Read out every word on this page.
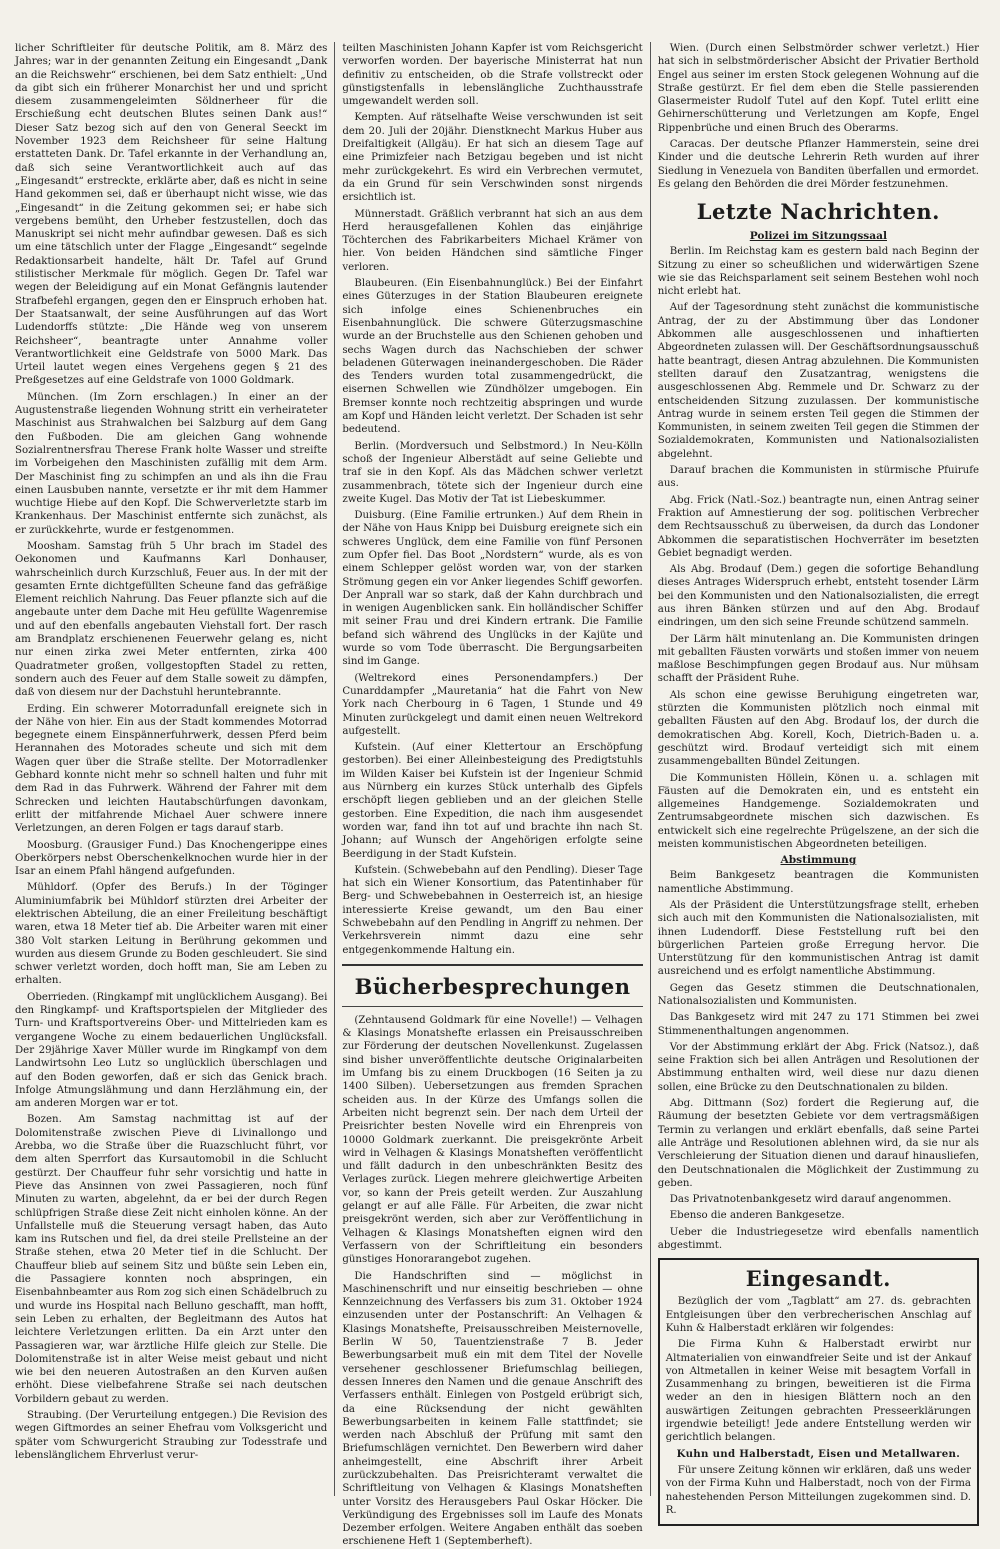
licher Schriftleiter für deutsche Politik, am 8. März des Jahres; war in der genannten Zeitung ein Eingesandt „Dank an die Reichswehr“ erschienen, bei dem Satz enthielt: „Und da gibt sich ein früherer Monarchist her und und spricht diesem zusammengeleimten Söldnerheer für die Erschießung echt deutschen Blutes seinen Dank aus!“ Dieser Satz bezog sich auf den von General Seeckt im November 1923 dem Reichsheer für seine Haltung erstatteten Dank. Dr. Tafel erkannte in der Verhandlung an, daß sich seine Verantwortlichkeit auch auf das „Eingesandt“ erstreckte, erklärte aber, daß es nicht in seine Hand gekommen sei, daß er überhaupt nicht wisse, wie das „Eingesandt“ in die Zeitung gekommen sei; er habe sich vergebens bemüht, den Urheber festzustellen, doch das Manuskript sei nicht mehr aufindbar gewesen. Daß es sich um eine tätschlich unter der Flagge „Eingesandt“ segelnde Redaktionsarbeit handelte, hält Dr. Tafel auf Grund stilistischer Merkmale für möglich. Gegen Dr. Tafel war wegen der Beleidigung auf ein Monat Gefängnis lautender Strafbefehl ergangen, gegen den er Einspruch erhoben hat. Der Staatsanwalt, der seine Ausführungen auf das Wort Ludendorffs stützte: „Die Hände weg von unserem Reichsheer“, beantragte unter Annahme voller Verantwortlichkeit eine Geldstrafe von 5000 Mark. Das Urteil lautet wegen eines Vergehens gegen § 21 des Preßgesetzes auf eine Geldstrafe von 1000 Goldmark.

München. (Im Zorn erschlagen.) In einer an der Augustenstraße liegenden Wohnung stritt ein verheirateter Maschinist aus Strahwalchen bei Salzburg auf dem Gang den Fußboden. Die am gleichen Gang wohnende Sozialrentnersfrau Therese Frank holte Wasser und streifte im Vorbeigehen den Maschinisten zufällig mit dem Arm. Der Maschinist fing zu schimpfen an und als ihn die Frau einen Lausbuben nannte, versetzte er ihr mit dem Hammer wuchtige Hiebe auf den Kopf. Die Schwerverletzte starb im Krankenhaus. Der Maschinist entfernte sich zunächst, als er zurückkehrte, wurde er festgenommen.

Moosham. Samstag früh 5 Uhr brach im Stadel des Oekonomen und Kaufmanns Karl Donhauser, wahrscheinlich durch Kurzschluß, Feuer aus. In der mit der gesamten Ernte dichtgefüllten Scheune fand das gefräßige Element reichlich Nahrung. Das Feuer pflanzte sich auf die angebaute unter dem Dache mit Heu gefüllte Wagenremise und auf den ebenfalls angebauten Viehstall fort. Der rasch am Brandplatz erschienenen Feuerwehr gelang es, nicht nur einen zirka zwei Meter entfernten, zirka 400 Quadratmeter großen, vollgestopften Stadel zu retten, sondern auch des Feuer auf dem Stalle soweit zu dämpfen, daß von diesem nur der Dachstuhl heruntebrannte.

Erding. Ein schwerer Motorradunfall ereignete sich in der Nähe von hier. Ein aus der Stadt kommendes Motorrad begegnete einem Einspännerfuhrwerk, dessen Pferd beim Herannahen des Motorades scheute und sich mit dem Wagen quer über die Straße stellte. Der Motorradlenker Gebhard konnte nicht mehr so schnell halten und fuhr mit dem Rad in das Fuhrwerk. Während der Fahrer mit dem Schrecken und leichten Hautabschürfungen davonkam, erlitt der mitfahrende Michael Auer schwere innere Verletzungen, an deren Folgen er tags darauf starb.

Moosburg. (Grausiger Fund.) Das Knochengerippe eines Oberkörpers nebst Oberschenkelknochen wurde hier in der Isar an einem Pfahl hängend aufgefunden.

Mühldorf. (Opfer des Berufs.) In der Töginger Aluminiumfabrik bei Mühldorf stürzten drei Arbeiter der elektrischen Abteilung, die an einer Freileitung beschäftigt waren, etwa 18 Meter tief ab. Die Arbeiter waren mit einer 380 Volt starken Leitung in Berührung gekommen und wurden aus diesem Grunde zu Boden geschleudert. Sie sind schwer verletzt worden, doch hofft man, Sie am Leben zu erhalten.

Oberrieden. (Ringkampf mit unglücklichem Ausgang). Bei den Ringkampf- und Kraftsportspielen der Mitglieder des Turn- und Kraftsportvereins Ober- und Mittelrieden kam es vergangene Woche zu einem bedauerlichen Unglücksfall. Der 29jährige Xaver Müller wurde im Ringkampf von dem Landwirtsohn Leo Lutz so unglücklich überschlagen und auf den Boden geworfen, daß er sich das Genick brach. Infolge Atmungslähmung und dann Herzlähmung ein, der am anderen Morgen war er tot.

Bozen. Am Samstag nachmittag ist auf der Dolomitenstraße zwischen Pieve di Livinallongo und Arebba, wo die Straße über die Ruazschlucht führt, vor dem alten Sperrfort das Kursautomobil in die Schlucht gestürzt. Der Chauffeur fuhr sehr vorsichtig und hatte in Pieve das Ansinnen von zwei Passagieren, noch fünf Minuten zu warten, abgelehnt, da er bei der durch Regen schlüpfrigen Straße diese Zeit nicht einholen könne. An der Unfallstelle muß die Steuerung versagt haben, das Auto kam ins Rutschen und fiel, da drei steile Prellsteine an der Straße stehen, etwa 20 Meter tief in die Schlucht. Der Chauffeur blieb auf seinem Sitz und büßte sein Leben ein, die Passagiere konnten noch abspringen, ein Eisenbahnbeamter aus Rom zog sich einen Schädelbruch zu und wurde ins Hospital nach Belluno geschafft, man hofft, sein Leben zu erhalten, der Begleitmann des Autos hat leichtere Verletzungen erlitten. Da ein Arzt unter den Passagieren war, war ärztliche Hilfe gleich zur Stelle. Die Dolomitenstraße ist in alter Weise meist gebaut und nicht wie bei den neueren Autostraßen an den Kurven außen erhöht. Diese vielbefahrene Straße sei nach deutschen Vorbildern gebaut zu werden.

Straubing. (Der Verurteilung entgegen.) Die Revision des wegen Giftmordes an seiner Ehefrau vom Volksgericht und später vom Schwurgericht Straubing zur Todesstrafe und lebenslänglichem Ehrverlust verur-

teilten Maschinisten Johann Kapfer ist vom Reichsgericht verworfen worden. Der bayerische Ministerrat hat nun definitiv zu entscheiden, ob die Strafe vollstreckt oder günstigstenfalls in lebenslängliche Zuchthausstrafe umgewandelt werden soll.

Kempten. Auf rätselhafte Weise verschwunden ist seit dem 20. Juli der 20jähr. Dienstknecht Markus Huber aus Dreifaltigkeit (Allgäu). Er hat sich an diesem Tage auf eine Primizfeier nach Betzigau begeben und ist nicht mehr zurückgekehrt. Es wird ein Verbrechen vermutet, da ein Grund für sein Verschwinden sonst nirgends ersichtlich ist.

Münnerstadt. Gräßlich verbrannt hat sich an aus dem Herd herausgefallenen Kohlen das einjährige Töchterchen des Fabrikarbeiters Michael Krämer von hier. Von beiden Händchen sind sämtliche Finger verloren.

Blaubeuren. (Ein Eisenbahnunglück.) Bei der Einfahrt eines Güterzuges in der Station Blaubeuren ereignete sich infolge eines Schienenbruches ein Eisenbahnunglück. Die schwere Güterzugsmaschine wurde an der Bruchstelle aus den Schienen gehoben und sechs Wagen durch das Nachschieben der schwer beladenen Güterwagen ineinandergeschoben. Die Räder des Tenders wurden total zusammengedrückt, die eisernen Schwellen wie Zündhölzer umgebogen. Ein Bremser konnte noch rechtzeitig abspringen und wurde am Kopf und Händen leicht verletzt. Der Schaden ist sehr bedeutend.

Berlin. (Mordversuch und Selbstmord.) In Neu-Kölln schoß der Ingenieur Alberstädt auf seine Geliebte und traf sie in den Kopf. Als das Mädchen schwer verletzt zusammenbrach, tötete sich der Ingenieur durch eine zweite Kugel. Das Motiv der Tat ist Liebeskummer.

Duisburg. (Eine Familie ertrunken.) Auf dem Rhein in der Nähe von Haus Knipp bei Duisburg ereignete sich ein schweres Unglück, dem eine Familie von fünf Personen zum Opfer fiel. Das Boot „Nordstern“ wurde, als es von einem Schlepper gelöst worden war, von der starken Strömung gegen ein vor Anker liegendes Schiff geworfen. Der Anprall war so stark, daß der Kahn durchbrach und in wenigen Augenblicken sank. Ein holländischer Schiffer mit seiner Frau und drei Kindern ertrank. Die Familie befand sich während des Unglücks in der Kajüte und wurde so vom Tode überrascht. Die Bergungsarbeiten sind im Gange.

(Weltrekord eines Personendampfers.) Der Cunarddampfer „Mauretania“ hat die Fahrt von New York nach Cherbourg in 6 Tagen, 1 Stunde und 49 Minuten zurückgelegt und damit einen neuen Weltrekord aufgestellt.

Kufstein. (Auf einer Klettertour an Erschöpfung gestorben). Bei einer Alleinbesteigung des Predigtstuhls im Wilden Kaiser bei Kufstein ist der Ingenieur Schmid aus Nürnberg ein kurzes Stück unterhalb des Gipfels erschöpft liegen geblieben und an der gleichen Stelle gestorben. Eine Expedition, die nach ihm ausgesendet worden war, fand ihn tot auf und brachte ihn nach St. Johann; auf Wunsch der Angehörigen erfolgte seine Beerdigung in der Stadt Kufstein.

Kufstein. (Schwebebahn auf den Pendling). Dieser Tage hat sich ein Wiener Konsortium, das Patentinhaber für Berg- und Schwebebahnen in Oesterreich ist, an hiesige interessierte Kreise gewandt, um den Bau einer Schwebebahn auf den Pendling in Angriff zu nehmen. Der Verkehrsverein nimmt dazu eine sehr entgegenkommende Haltung ein.

Bücherbesprechungen

(Zehntausend Goldmark für eine Novelle!) — Velhagen & Klasings Monatshefte erlassen ein Preisausschreiben zur Förderung der deutschen Novellenkunst. Zugelassen sind bisher unveröffentlichte deutsche Originalarbeiten im Umfang bis zu einem Druckbogen (16 Seiten ja zu 1400 Silben). Uebersetzungen aus fremden Sprachen scheiden aus. In der Kürze des Umfangs sollen die Arbeiten nicht begrenzt sein. Der nach dem Urteil der Preisrichter besten Novelle wird ein Ehrenpreis von 10000 Goldmark zuerkannt. Die preisgekrönte Arbeit wird in Velhagen & Klasings Monatsheften veröffentlicht und fällt dadurch in den unbeschränkten Besitz des Verlages zurück. Liegen mehrere gleichwertige Arbeiten vor, so kann der Preis geteilt werden. Zur Auszahlung gelangt er auf alle Fälle. Für Arbeiten, die zwar nicht preisgekrönt werden, sich aber zur Veröffentlichung in Velhagen & Klasings Monatsheften eignen wird den Verfassern von der Schriftleitung ein besonders günstiges Honorarangebot zugehen.

Die Handschriften sind — möglichst in Maschinenschrift und nur einseitig beschrieben — ohne Kennzeichnung des Verfassers bis zum 31. Oktober 1924 einzusenden unter der Postanschrift: An Velhagen & Klasings Monatshefte, Preisausschreiben Meisternovelle, Berlin W 50, Tauentzienstraße 7 B. Jeder Bewerbungsarbeit muß ein mit dem Titel der Novelle versehener geschlossener Briefumschlag beiliegen, dessen Inneres den Namen und die genaue Anschrift des Verfassers enthält. Einlegen von Postgeld erübrigt sich, da eine Rücksendung der nicht gewählten Bewerbungsarbeiten in keinem Falle stattfindet; sie werden nach Abschluß der Prüfung mit samt den Briefumschlägen vernichtet. Den Bewerbern wird daher anheimgestellt, eine Abschrift ihrer Arbeit zurückzubehalten. Das Preisrichteramt verwaltet die Schriftleitung von Velhagen & Klasings Monatsheften unter Vorsitz des Herausgebers Paul Oskar Höcker. Die Verkündigung des Ergebnisses soll im Laufe des Monats Dezember erfolgen. Weitere Angaben enthält das soeben erschienene Heft 1 (Septemberheft).

Wien. (Durch einen Selbstmörder schwer verletzt.) Hier hat sich in selbstmörderischer Absicht der Privatier Berthold Engel aus seiner im ersten Stock gelegenen Wohnung auf die Straße gestürzt. Er fiel dem eben die Stelle passierenden Glasermeister Rudolf Tutel auf den Kopf. Tutel erlitt eine Gehirnerschütterung und Verletzungen am Kopfe, Engel Rippenbrüche und einen Bruch des Oberarms.

Caracas. Der deutsche Pflanzer Hammerstein, seine drei Kinder und die deutsche Lehrerin Reth wurden auf ihrer Siedlung in Venezuela von Banditen überfallen und ermordet. Es gelang den Behörden die drei Mörder festzunehmen.

Letzte Nachrichten.
Polizei im Sitzungssaal

Berlin. Im Reichstag kam es gestern bald nach Beginn der Sitzung zu einer so scheußlichen und widerwärtigen Szene wie sie das Reichsparlament seit seinem Bestehen wohl noch nicht erlebt hat.

Auf der Tagesordnung steht zunächst die kommunistische Antrag, der zu der Abstimmung über das Londoner Abkommen alle ausgeschlossenen und inhaftierten Abgeordneten zulassen will. Der Geschäftsordnungsausschuß hatte beantragt, diesen Antrag abzulehnen. Die Kommunisten stellten darauf den Zusatzantrag, wenigstens die ausgeschlossenen Abg. Remmele und Dr. Schwarz zu der entscheidenden Sitzung zuzulassen. Der kommunistische Antrag wurde in seinem ersten Teil gegen die Stimmen der Kommunisten, in seinem zweiten Teil gegen die Stimmen der Sozialdemokraten, Kommunisten und Nationalsozialisten abgelehnt.

Darauf brachen die Kommunisten in stürmische Pfuirufe aus.

Abg. Frick (Natl.-Soz.) beantragte nun, einen Antrag seiner Fraktion auf Amnestierung der sog. politischen Verbrecher dem Rechtsausschuß zu überweisen, da durch das Londoner Abkommen die separatistischen Hochverräter im besetzten Gebiet begnadigt werden.

Als Abg. Brodauf (Dem.) gegen die sofortige Behandlung dieses Antrages Widerspruch erhebt, entsteht tosender Lärm bei den Kommunisten und den Nationalsozialisten, die erregt aus ihren Bänken stürzen und auf den Abg. Brodauf eindringen, um den sich seine Freunde schützend sammeln.

Der Lärm hält minutenlang an. Die Kommunisten dringen mit geballten Fäusten vorwärts und stoßen immer von neuem maßlose Beschimpfungen gegen Brodauf aus. Nur mühsam schafft der Präsident Ruhe.

Als schon eine gewisse Beruhigung eingetreten war, stürzten die Kommunisten plötzlich noch einmal mit geballten Fäusten auf den Abg. Brodauf los, der durch die demokratischen Abg. Korell, Koch, Dietrich-Baden u. a. geschützt wird. Brodauf verteidigt sich mit einem zusammengeballten Bündel Zeitungen.

Die Kommunisten Höllein, Könen u. a. schlagen mit Fäusten auf die Demokraten ein, und es entsteht ein allgemeines Handgemenge. Sozialdemokraten und Zentrumsabgeordnete mischen sich dazwischen. Es entwickelt sich eine regelrechte Prügelszene, an der sich die meisten kommunistischen Abgeordneten beteiligen.

Abstimmung

Beim Bankgesetz beantragen die Kommunisten namentliche Abstimmung.

Als der Präsident die Unterstützungsfrage stellt, erheben sich auch mit den Kommunisten die Nationalsozialisten, mit ihnen Ludendorff. Diese Feststellung ruft bei den bürgerlichen Parteien große Erregung hervor. Die Unterstützung für den kommunistischen Antrag ist damit ausreichend und es erfolgt namentliche Abstimmung.

Gegen das Gesetz stimmen die Deutschnationalen, Nationalsozialisten und Kommunisten.

Das Bankgesetz wird mit 247 zu 171 Stimmen bei zwei Stimmenenthaltungen angenommen.

Vor der Abstimmung erklärt der Abg. Frick (Natsoz.), daß seine Fraktion sich bei allen Anträgen und Resolutionen der Abstimmung enthalten wird, weil diese nur dazu dienen sollen, eine Brücke zu den Deutschnationalen zu bilden.

Abg. Dittmann (Soz) fordert die Regierung auf, die Räumung der besetzten Gebiete vor dem vertragsmäßigen Termin zu verlangen und erklärt ebenfalls, daß seine Partei alle Anträge und Resolutionen ablehnen wird, da sie nur als Verschleierung der Situation dienen und darauf hinausliefen, den Deutschnationalen die Möglichkeit der Zustimmung zu geben.

Das Privatnotenbankgesetz wird darauf angenommen.

Ebenso die anderen Bankgesetze.

Ueber die Industriegesetze wird ebenfalls namentlich abgestimmt.

Eingesandt.

Bezüglich der vom „Tagblatt“ am 27. ds. gebrachten Entgleisungen über den verbrecherischen Anschlag auf Kuhn & Halberstadt erklären wir folgendes:

Die Firma Kuhn & Halberstadt erwirbt nur Altmaterialien von einwandfreier Seite und ist der Ankauf von Altmetallen in keiner Weise mit besagtem Vorfall in Zusammenhang zu bringen, beweitieren ist die Firma weder an den in hiesigen Blättern noch an den auswärtigen Zeitungen gebrachten Presseerklärungen irgendwie beteiligt! Jede andere Entstellung werden wir gerichtlich belangen.

Kuhn und Halberstadt, Eisen und Metallwaren.

Für unsere Zeitung können wir erklären, daß uns weder von der Firma Kuhn und Halberstadt, noch von der Firma nahestehenden Person Mitteilungen zugekommen sind. D. R.
